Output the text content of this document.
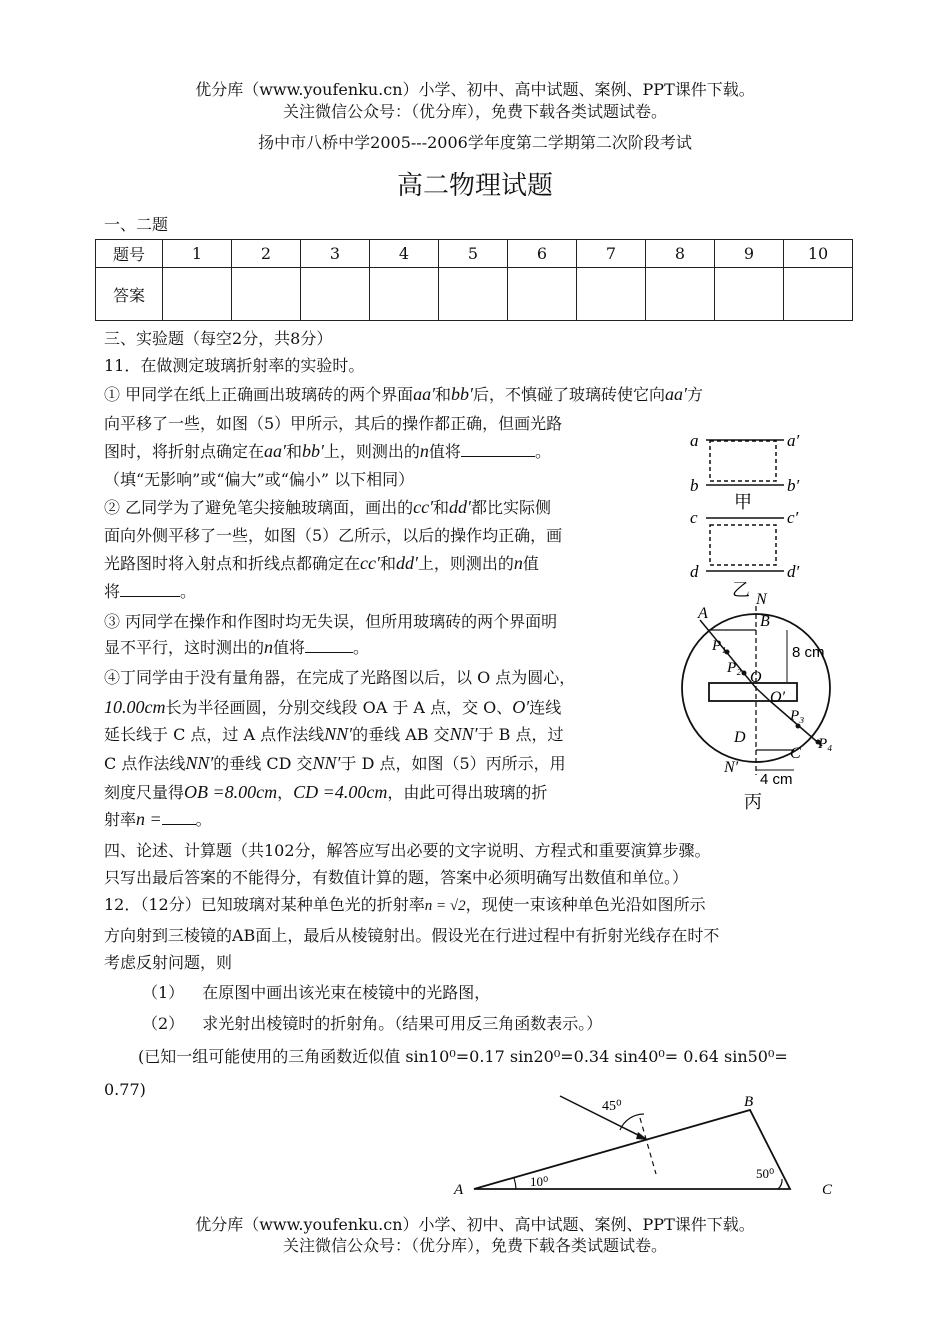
优分库（www.youfenku.cn）小学、初中、高中试题、案例、PPT课件下载。
关注微信公众号：（优分库），免费下载各类试题试卷。
扬中市八桥中学2005---2006学年度第二学期第二次阶段考试
高二物理试题
一、二题
题号	1	2	3	4	5	6	7	8	9	10
答案										
三、实验题（每空2分，共8分）
11．在做测定玻璃折射率的实验时。
① 甲同学在纸上正确画出玻璃砖的两个界面aa′和bb′后，不慎碰了玻璃砖使它向aa′方
向平移了一些，如图（5）甲所示，其后的操作都正确，但画光路
图时，将折射点确定在aa′和bb′上，则测出的n值将	。
（填“无影响”或“偏大”或“偏小” 以下相同）
② 乙同学为了避免笔尖接触玻璃面，画出的cc′和dd′都比实际侧
面向外侧平移了一些，如图（5）乙所示，以后的操作均正确，画
光路图时将入射点和折线点都确定在cc′和dd′上，则测出的n值
将	。
③ 丙同学在操作和作图时均无失误，但所用玻璃砖的两个界面明
显不平行，这时测出的n值将	。
④丁同学由于没有量角器，在完成了光路图以后，以 O 点为圆心，
10.00cm长为半径画圆，分别交线段 OA 于 A 点，交 O、O′连线
延长线于 C 点，过 A 点作法线NN′的垂线 AB 交NN′于 B 点，过
C 点作法线NN′的垂线 CD 交NN′于 D 点，如图（5）丙所示，用
刻度尺量得OB =8.00cm，CD =4.00cm，由此可得出玻璃的折
射率n = 。
四、论述、计算题（共102分，解答应写出必要的文字说明、方程式和重要演算步骤。
只写出最后答案的不能得分，有数值计算的题，答案中必须明确写出数值和单位。）
12．（12分）已知玻璃对某种单色光的折射率n = √2，现使一束该种单色光沿如图所示
方向射到三棱镜的AB面上，最后从棱镜射出。假设光在行进过程中有折射光线存在时不
考虑反射问题，则
（1） 在原图中画出该光束在棱镜中的光路图，
（2） 求光射出棱镜时的折射角。（结果可用反三角函数表示。）
(已知一组可能使用的三角函数近似值 sin10⁰=0.17 sin20⁰=0.34 sin40⁰= 0.64 sin50⁰=
0.77)
a	a′
b	b′
甲
c	c′
d	d′
乙 N
A	B
P₁
P₂
O
O′
P₃
D
C
P₄
N′
8 cm
4 cm
丙
45⁰	B
A	C
10⁰
50⁰
优分库（www.youfenku.cn）小学、初中、高中试题、案例、PPT课件下载。
关注微信公众号：（优分库），免费下载各类试题试卷。
